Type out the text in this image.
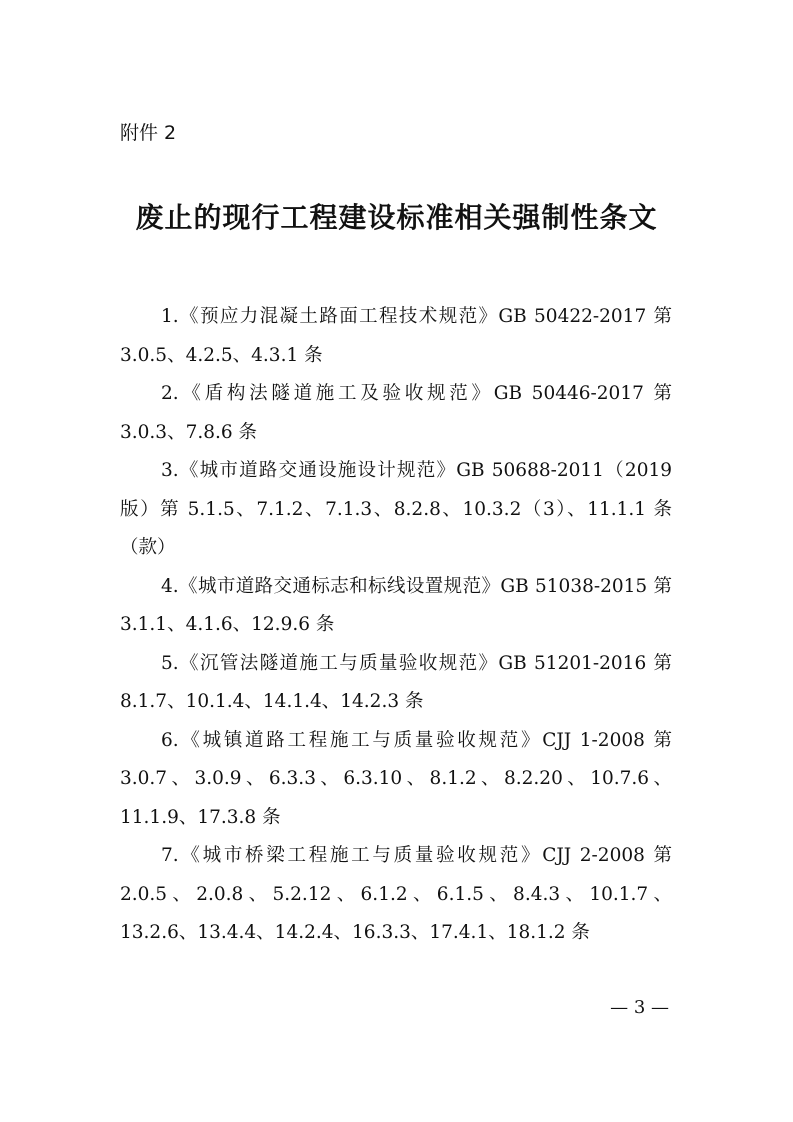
附件 2
废止的现行工程建设标准相关强制性条文
1.《预应力混凝土路面工程技术规范》GB 50422-2017 第 3.0.5、4.2.5、4.3.1 条
2.《盾构法隧道施工及验收规范》GB 50446-2017 第 3.0.3、7.8.6 条
3.《城市道路交通设施设计规范》GB 50688-2011（2019 版）第 5.1.5、7.1.2、7.1.3、8.2.8、10.3.2（3）、11.1.1 条（款）
4.《城市道路交通标志和标线设置规范》GB 51038-2015 第 3.1.1、4.1.6、12.9.6 条
5.《沉管法隧道施工与质量验收规范》GB 51201-2016 第 8.1.7、10.1.4、14.1.4、14.2.3 条
6.《城镇道路工程施工与质量验收规范》CJJ 1-2008 第 3.0.7、3.0.9、6.3.3、6.3.10、8.1.2、8.2.20、10.7.6、11.1.9、17.3.8 条
7.《城市桥梁工程施工与质量验收规范》CJJ 2-2008 第 2.0.5、2.0.8、5.2.12、6.1.2、6.1.5、8.4.3、10.1.7、13.2.6、13.4.4、14.2.4、16.3.3、17.4.1、18.1.2 条
— 3 —
